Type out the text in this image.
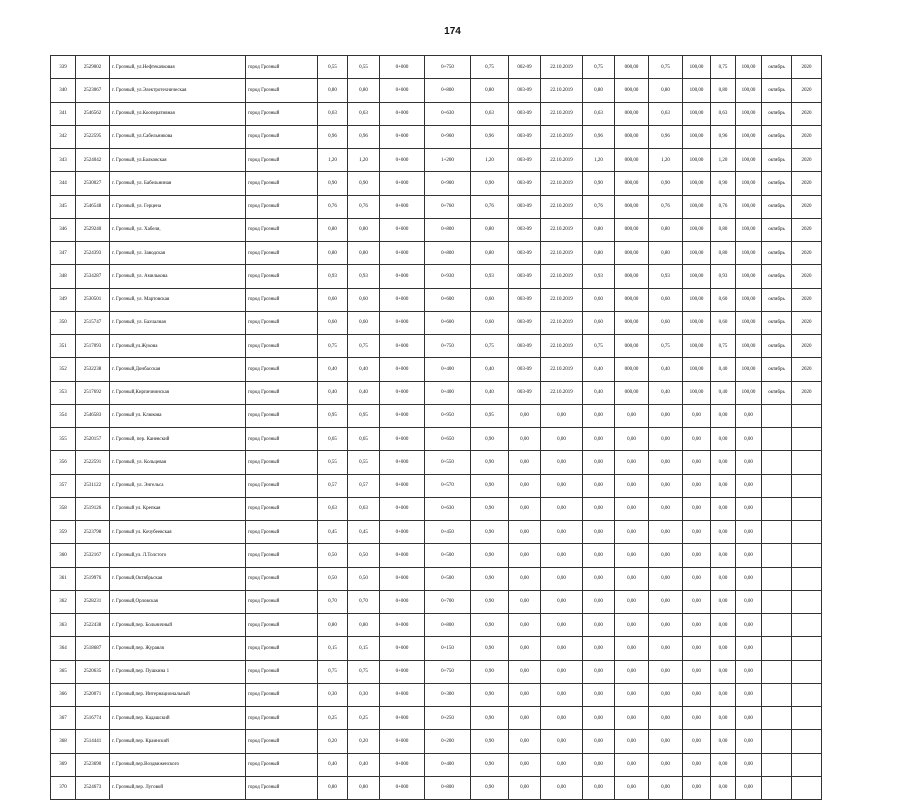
174
339	2529002	г. Грозный, ул.Нефтекачковая	город Грозный	0,55	0,55	0+000	0+750	0,75	002-09	22.10.2019	0,75	000,00	0,75	100,00	0,75	100,00	октябрь	2020
340	2523067	г. Грозный, ул.Электротехническая	город Грозный	0,80	0,80	0+000	0+800	0,80	003-09	22.10.2019	0,80	000,00	0,80	100,00	0,80	100,00	октябрь	2020
341	2546562	г. Грозный, ул.Кооперативная	город Грозный	0,63	0,63	0+000	0+630	0,63	003-09	22.10.2019	0,63	000,00	0,63	100,00	0,63	100,00	октябрь	2020
342	2522595	г. Грозный, ул.Сабельникова	город Грозный	0,96	0,96	0+000	0+960	0,96	003-09	22.10.2019	0,96	000,00	0,96	100,00	0,96	100,00	октябрь	2020
343	2524042	г. Грозный, ул.Балковская	город Грозный	1,20	1,20	0+000	1+200	1,20	003-09	22.10.2019	1,20	000,00	1,20	100,00	1,20	100,00	октябрь	2020
344	2530027	г. Грозный, ул. Бабельниная	город Грозный	0,90	0,90	0+000	0+900	0,90	003-09	22.10.2019	0,90	000,00	0,90	100,00	0,90	100,00	октябрь	2020
345	2546548	г. Грозный, ул. Герцена	город Грозный	0,76	0,76	0+000	0+760	0,76	003-09	22.10.2019	0,76	000,00	0,76	100,00	0,76	100,00	октябрь	2020
346	2529240	г. Грозный, ул. Хабеля,	город Грозный	0,80	0,80	0+000	0+800	0,80	003-09	22.10.2019	0,80	000,00	0,80	100,00	0,80	100,00	октябрь	2020
347	2524393	г. Грозный, ул. Заводская	город Грозный	0,80	0,80	0+000	0+800	0,80	003-09	22.10.2019	0,80	000,00	0,80	100,00	0,80	100,00	октябрь	2020
348	2534287	г. Грозный, ул. Амилькова	город Грозный	0,93	0,93	0+000	0+930	0,93	003-09	22.10.2019	0,93	000,00	0,93	100,00	0,93	100,00	октябрь	2020
349	2530501	г. Грозный, ул. Мартовская	город Грозный	0,60	0,60	0+000	0+600	0,60	003-09	22.10.2019	0,60	000,00	0,60	100,00	0,60	100,00	октябрь	2020
350	2515747	г. Грозный, ул. Бахчалная	город Грозный	0,60	0,60	0+000	0+600	0,60	003-09	22.10.2019	0,60	000,00	0,60	100,00	0,60	100,00	октябрь	2020
351	2517093	г. Грозный,ул.Жукова	город Грозный	0,75	0,75	0+000	0+750	0,75	003-09	22.10.2019	0,75	000,00	0,75	100,00	0,75	100,00	октябрь	2020
352	2532238	г. Грозный,Донбасская	город Грозный	0,40	0,40	0+000	0+400	0,40	003-09	22.10.2019	0,40	000,00	0,40	100,00	0,40	100,00	октябрь	2020
353	2517692	г. Грозный,Кирпичнинская	город Грозный	0,40	0,40	0+000	0+400	0,40	003-09	22.10.2019	0,40	000,00	0,40	100,00	0,40	100,00	октябрь	2020
354	2546583	г. Грозный ул. Клюкова	город Грозный	0,95	0,95	0+000	0+950	0,95	0,00	0,00	0,00	0,00	0,00	0,00	0,00	0,00		
355	2520157	г. Грозный, пер. Каневский	город Грозный	0,65	0,65	0+000	0+650	0,90	0,00	0,00	0,00	0,00	0,00	0,00	0,00	0,00		
356	2522591	г. Грозный, ул. Кольцевая	город Грозный	0,55	0,55	0+000	0+550	0,90	0,00	0,00	0,00	0,00	0,00	0,00	0,00	0,00		
357	2531122	г. Грозный, ул. Энгельса	город Грозный	0,57	0,57	0+000	0+570	0,90	0,00	0,00	0,00	0,00	0,00	0,00	0,00	0,00		
358	2519126	г. Грозный ул. Крепкая	город Грозный	0,63	0,63	0+000	0+630	0,90	0,00	0,00	0,00	0,00	0,00	0,00	0,00	0,00		
359	2523798	г. Грозный ул. Кочубеевская	город Грозный	0,45	0,45	0+000	0+450	0,90	0,00	0,00	0,00	0,00	0,00	0,00	0,00	0,00		
360	2532167	г. Грозный,ул. Л.Толстого	город Грозный	0,50	0,50	0+000	0+500	0,90	0,00	0,00	0,00	0,00	0,00	0,00	0,00	0,00		
361	2519976	г. Грозный,Октябрьская	город Грозный	0,50	0,50	0+000	0+500	0,90	0,00	0,00	0,00	0,00	0,00	0,00	0,00	0,00		
362	2528231	г. Грозный,Орловская	город Грозный	0,70	0,70	0+000	0+700	0,90	0,00	0,00	0,00	0,00	0,00	0,00	0,00	0,00		
363	2522438	г. Грозный,пер. Больничный	город Грозный	0,80	0,80	0+000	0+800	0,90	0,00	0,00	0,00	0,00	0,00	0,00	0,00	0,00		
364	2518687	г. Грозный,пер. Журавля	город Грозный	0,15	0,15	0+000	0+150	0,90	0,00	0,00	0,00	0,00	0,00	0,00	0,00	0,00		
365	2520635	г. Грозный,пер. Пушкина 1	город Грозный	0,75	0,75	0+000	0+750	0,90	0,00	0,00	0,00	0,00	0,00	0,00	0,00	0,00		
366	2520071	г. Грозный,пер. Интернациональный	город Грозный	0,30	0,30	0+000	0+300	0,90	0,00	0,00	0,00	0,00	0,00	0,00	0,00	0,00		
367	2516774	г. Грозный,пер. Кадашский	город Грозный	0,25	0,25	0+000	0+250	0,90	0,00	0,00	0,00	0,00	0,00	0,00	0,00	0,00		
368	2514441	г. Грозный,пер. Краинский	город Грозный	0,20	0,20	0+000	0+200	0,90	0,00	0,00	0,00	0,00	0,00	0,00	0,00	0,00		
369	2523690	г. Грозный,пер.Воздвиженского	город Грозный	0,40	0,40	0+000	0+400	0,90	0,00	0,00	0,00	0,00	0,00	0,00	0,00	0,00		
370	2524673	г. Грозный,пер. Луговой	город Грозный	0,80	0,80	0+000	0+800	0,90	0,00	0,00	0,00	0,00	0,00	0,00	0,00	0,00		
